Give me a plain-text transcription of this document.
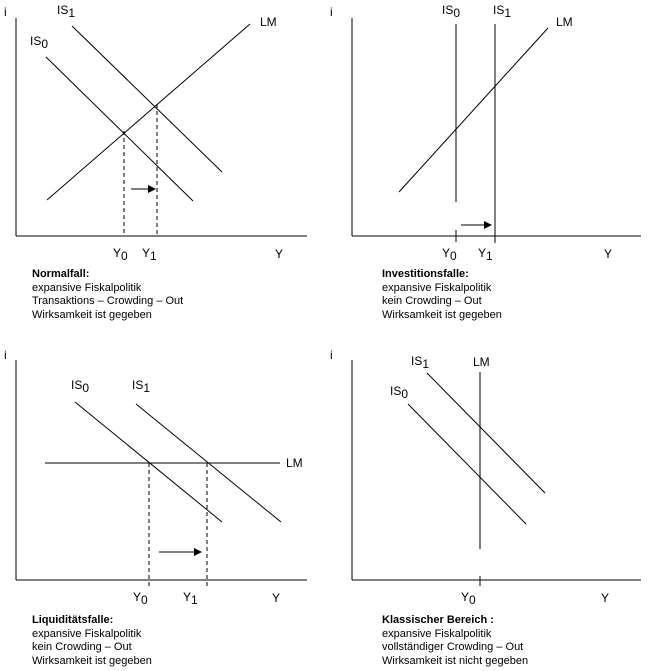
i
Y
LM
IS0
IS1
Y0 Y1
i
Y
LM
IS0	IS1
Y0 Y1
i
Y
LM
IS0	IS1
Y0	Y1
i
Y
LM
IS0
IS1
Y0
Normalfall:
expansive Fiskalpolitik
Transaktions – Crowding – Out
Wirksamkeit ist gegeben
Investitionsfalle:
expansive Fiskalpolitik
kein Crowding – Out
Wirksamkeit ist gegeben
Liquiditätsfalle:
expansive Fiskalpolitik
kein Crowding – Out
Wirksamkeit ist gegeben
Klassischer Bereich :
expansive Fiskalpolitik
vollständiger Crowding – Out
Wirksamkeit ist nicht gegeben
